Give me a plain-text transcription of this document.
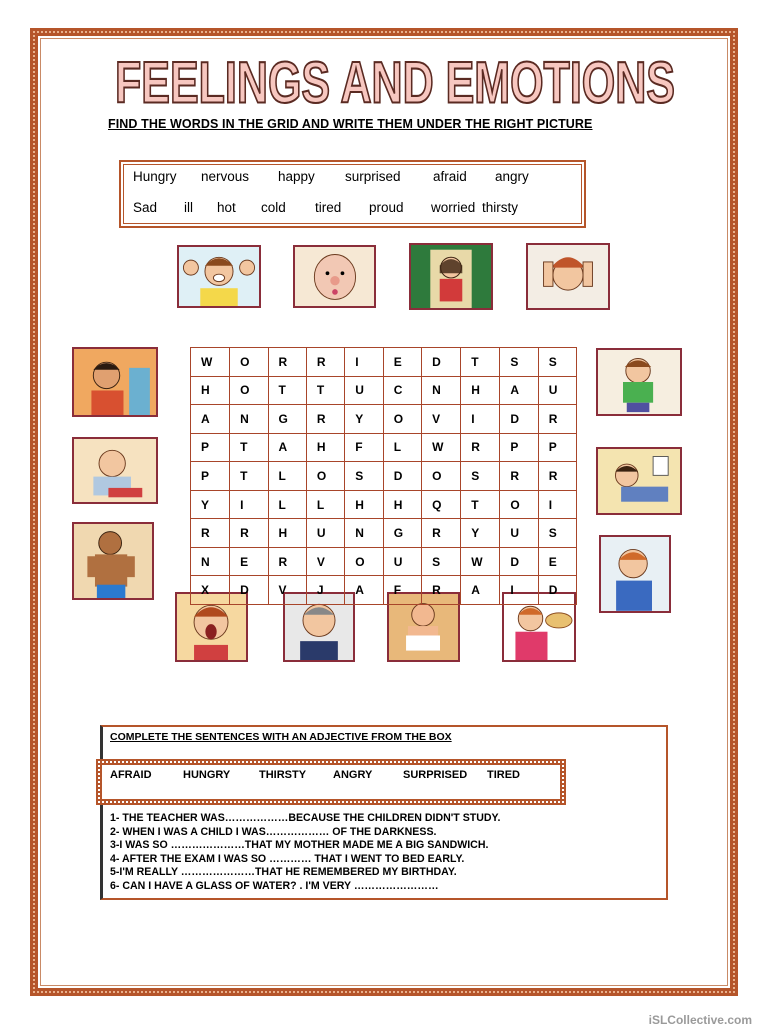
FEELINGS AND EMOTIONS
FIND THE WORDS IN THE GRID AND WRITE THEM UNDER THE RIGHT PICTURE
Hungry nervous happy surprised afraid angry
Sad ill hot cold tired proud worried thirsty
W	O	R	R	I	E	D	T	S	S
H	O	T	T	U	C	N	H	A	U
A	N	G	R	Y	O	V	I	D	R
P	T	A	H	F	L	W	R	P	P
P	T	L	O	S	D	O	S	R	R
Y	I	L	L	H	H	Q	T	O	I
R	R	H	U	N	G	R	Y	U	S
N	E	R	V	O	U	S	W	D	E
X	D	V	J	A	F	R	A	I	D
COMPLETE THE SENTENCES WITH AN ADJECTIVE FROM THE BOX
AFRAID	HUNGRY	THIRSTY ANGRY	SURPRISED TIRED
1- THE TEACHER WAS………………BECAUSE THE CHILDREN DIDN'T STUDY.
2- WHEN I WAS A CHILD I WAS……………… OF THE DARKNESS.
3-I WAS SO …………………THAT MY MOTHER MADE ME A BIG SANDWICH.
4- AFTER THE EXAM I WAS SO ………… THAT I WENT TO BED EARLY.
5-I'M REALLY …………………THAT HE REMEMBERED MY BIRTHDAY.
6- CAN I HAVE A GLASS OF WATER? . I'M VERY ……………………
iSLCollective.com
